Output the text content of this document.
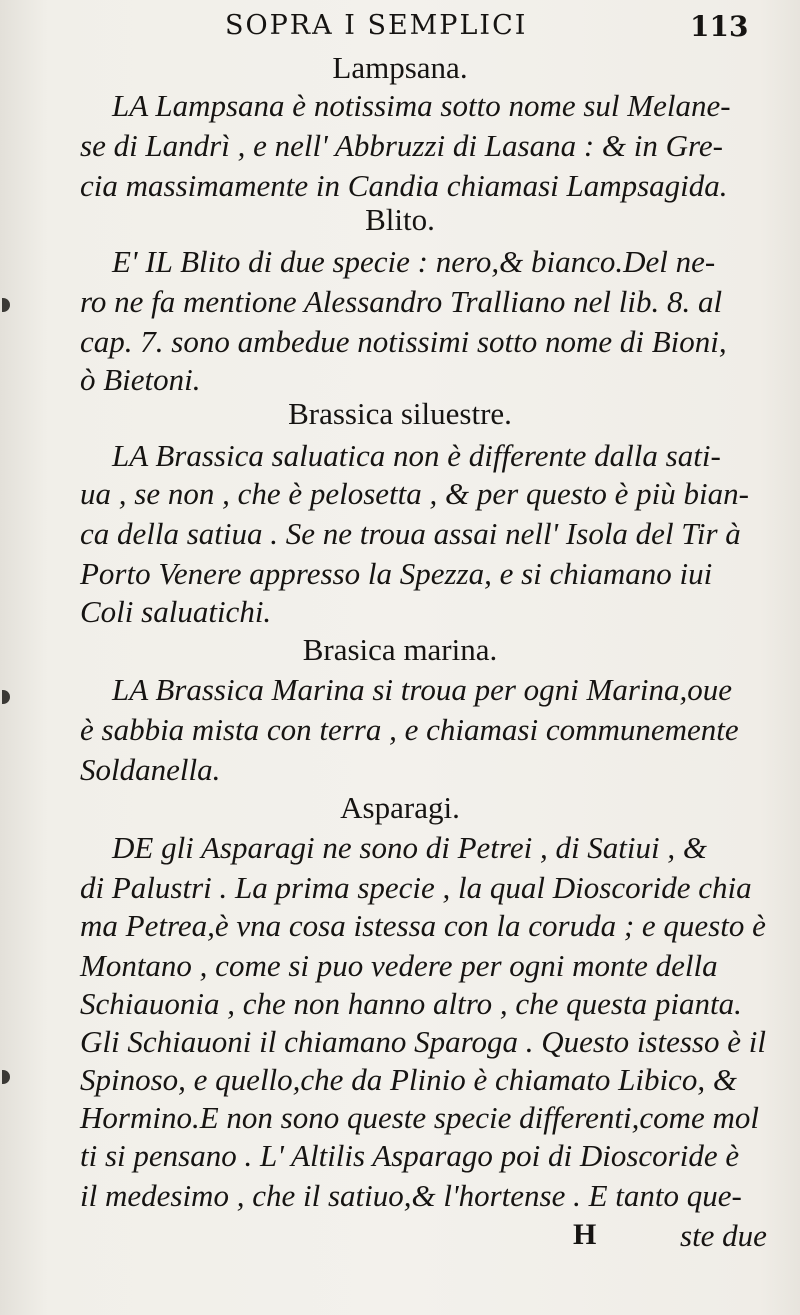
SOPRA I SEMPLICI	113
Lampsana.
LA Lampsana è notissima sotto nome sul Melane-
se di Landrì , e nell' Abbruzzi di Lasana : & in Gre-
cia massimamente in Candia chiamasi Lampsagida.
Blito.
E' IL Blito di due specie : nero,& bianco.Del ne-
ro ne fa mentione Alessandro Tralliano nel lib. 8. al
cap. 7. sono ambedue notissimi sotto nome di Bioni,
ò Bietoni.
Brassica siluestre.
LA Brassica saluatica non è differente dalla sati-
ua , se non , che è pelosetta , & per questo è più bian-
ca della satiua . Se ne troua assai nell' Isola del Tir à
Porto Venere appresso la Spezza, e si chiamano iui
Coli saluatichi.
Brasica marina.
LA Brassica Marina si troua per ogni Marina,oue
è sabbia mista con terra , e chiamasi communemente
Soldanella.
Asparagi.
DE gli Asparagi ne sono di Petrei , di Satiui , &
di Palustri . La prima specie , la qual Dioscoride chia
ma Petrea,è vna cosa istessa con la coruda ; e questo è
Montano , come si puo vedere per ogni monte della
Schiauonia , che non hanno altro , che questa pianta.
Gli Schiauoni il chiamano Sparoga . Questo istesso è il
Spinoso, e quello,che da Plinio è chiamato Libico, &
Hormino.E non sono queste specie differenti,come mol
ti si pensano . L' Altilis Asparago poi di Dioscoride è
il medesimo , che il satiuo,& l'hortense . E tanto que-
H	ste due
